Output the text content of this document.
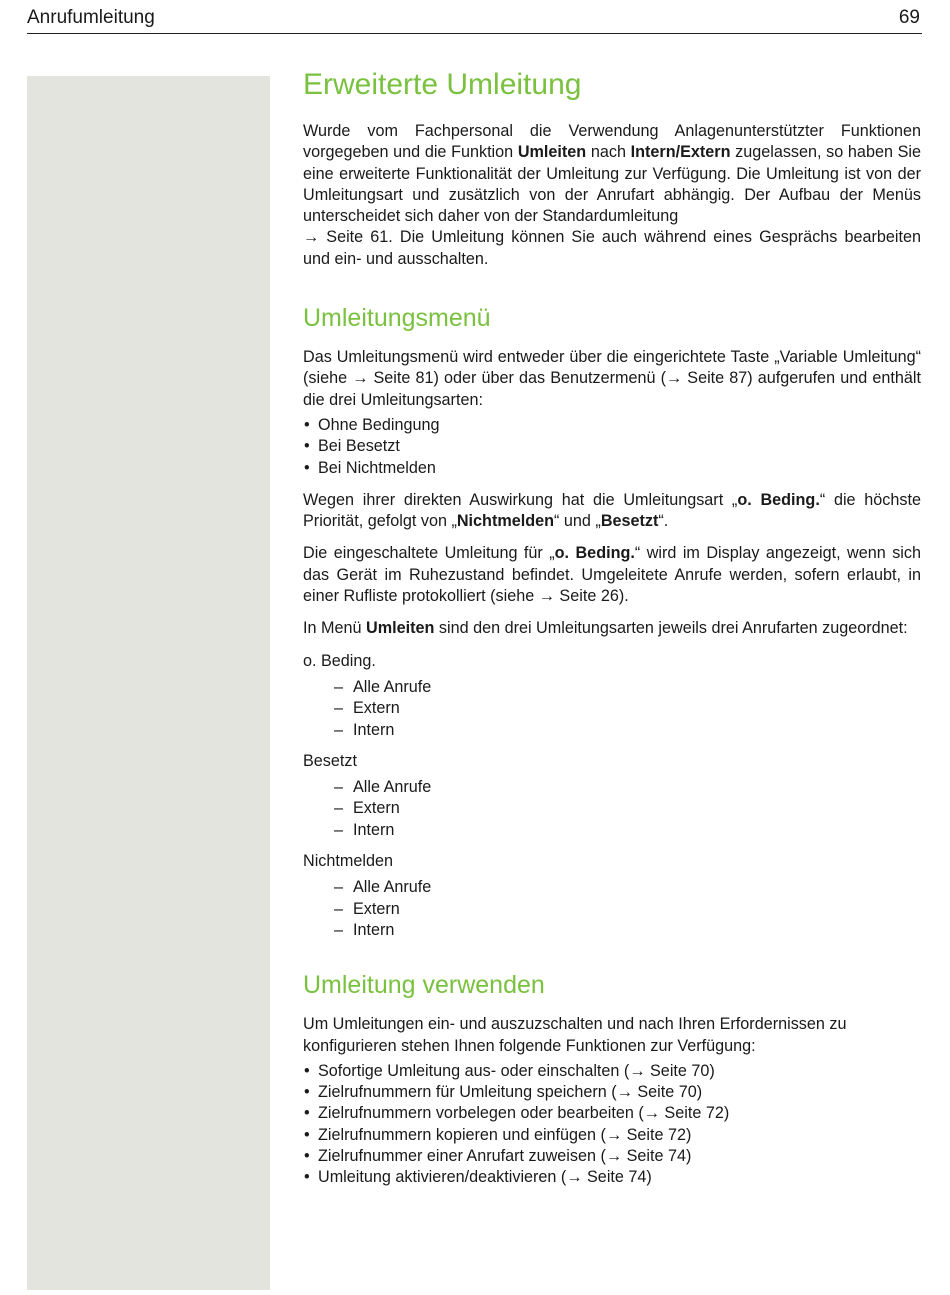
Anrufumleitung	69
Erweiterte Umleitung

Wurde vom Fachpersonal die Verwendung Anlagenunterstützter Funktionen vorgegeben und die Funktion Umleiten nach Intern/Extern zugelassen, so haben Sie eine erweiterte Funktionalität der Umleitung zur Verfügung. Die Umleitung ist von der Umleitungsart und zusätzlich von der Anrufart abhängig. Der Aufbau der Menüs unterscheidet sich daher von der Standardumleitung
→ Seite 61. Die Umleitung können Sie auch während eines Gesprächs bearbeiten und ein- und ausschalten.

Umleitungsmenü

Das Umleitungsmenü wird entweder über die eingerichtete Taste „Variable Umleitung“ (siehe → Seite 81) oder über das Benutzermenü (→ Seite 87) aufgerufen und enthält die drei Umleitungsarten:

• Ohne Bedingung
• Bei Besetzt
• Bei Nichtmelden

Wegen ihrer direkten Auswirkung hat die Umleitungsart „o. Beding.“ die höchste Priorität, gefolgt von „Nichtmelden“ und „Besetzt“.

Die eingeschaltete Umleitung für „o. Beding.“ wird im Display angezeigt, wenn sich das Gerät im Ruhezustand befindet. Umgeleitete Anrufe werden, sofern erlaubt, in einer Rufliste protokolliert (siehe → Seite 26).

In Menü Umleiten sind den drei Umleitungsarten jeweils drei Anrufarten zugeordnet:

o. Beding.
– Alle Anrufe
– Extern
– Intern
Besetzt
– Alle Anrufe
– Extern
– Intern
Nichtmelden
– Alle Anrufe
– Extern
– Intern
Umleitung verwenden

Um Umleitungen ein- und auszuzschalten und nach Ihren Erfordernissen zu konfigurieren stehen Ihnen folgende Funktionen zur Verfügung:

• Sofortige Umleitung aus- oder einschalten (→ Seite 70)
• Zielrufnummern für Umleitung speichern (→ Seite 70)
• Zielrufnummern vorbelegen oder bearbeiten (→ Seite 72)
• Zielrufnummern kopieren und einfügen (→ Seite 72)
• Zielrufnummer einer Anrufart zuweisen (→ Seite 74)
• Umleitung aktivieren/deaktivieren (→ Seite 74)
